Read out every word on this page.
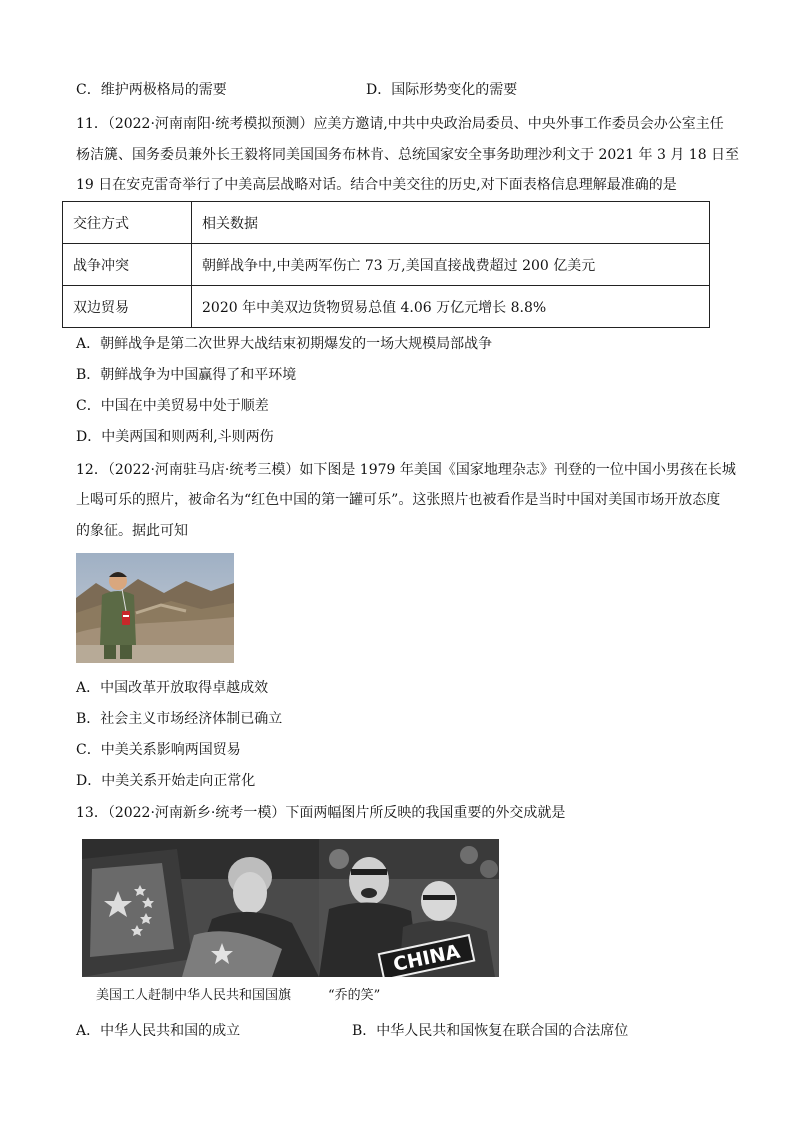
C．维护两极格局的需要	D．国际形势变化的需要
11．（2022·河南南阳·统考模拟预测）应美方邀请,中共中央政治局委员、中央外事工作委员会办公室主任
杨洁篪、国务委员兼外长王毅将同美国国务布林肯、总统国家安全事务助理沙利文于 2021 年 3 月 18 日至
19 日在安克雷奇举行了中美高层战略对话。结合中美交往的历史,对下面表格信息理解最准确的是
交往方式	相关数据
战争冲突	朝鲜战争中,中美两军伤亡 73 万,美国直接战费超过 200 亿美元
双边贸易	2020 年中美双边货物贸易总值 4.06 万亿元增长 8.8%
A．朝鲜战争是第二次世界大战结束初期爆发的一场大规模局部战争
B．朝鲜战争为中国赢得了和平环境
C．中国在中美贸易中处于顺差
D．中美两国和则两利,斗则两伤
12．（2022·河南驻马店·统考三模）如下图是 1979 年美国《国家地理杂志》刊登的一位中国小男孩在长城
上喝可乐的照片，被命名为“红色中国的第一罐可乐”。这张照片也被看作是当时中国对美国市场开放态度
的象征。据此可知
A．中国改革开放取得卓越成效
B．社会主义市场经济体制已确立
C．中美关系影响两国贸易
D．中美关系开始走向正常化
13．（2022·河南新乡·统考一模）下面两幅图片所反映的我国重要的外交成就是
CHINA
美国工人赶制中华人民共和国国旗	“乔的笑”
A．中华人民共和国的成立	B．中华人民共和国恢复在联合国的合法席位
